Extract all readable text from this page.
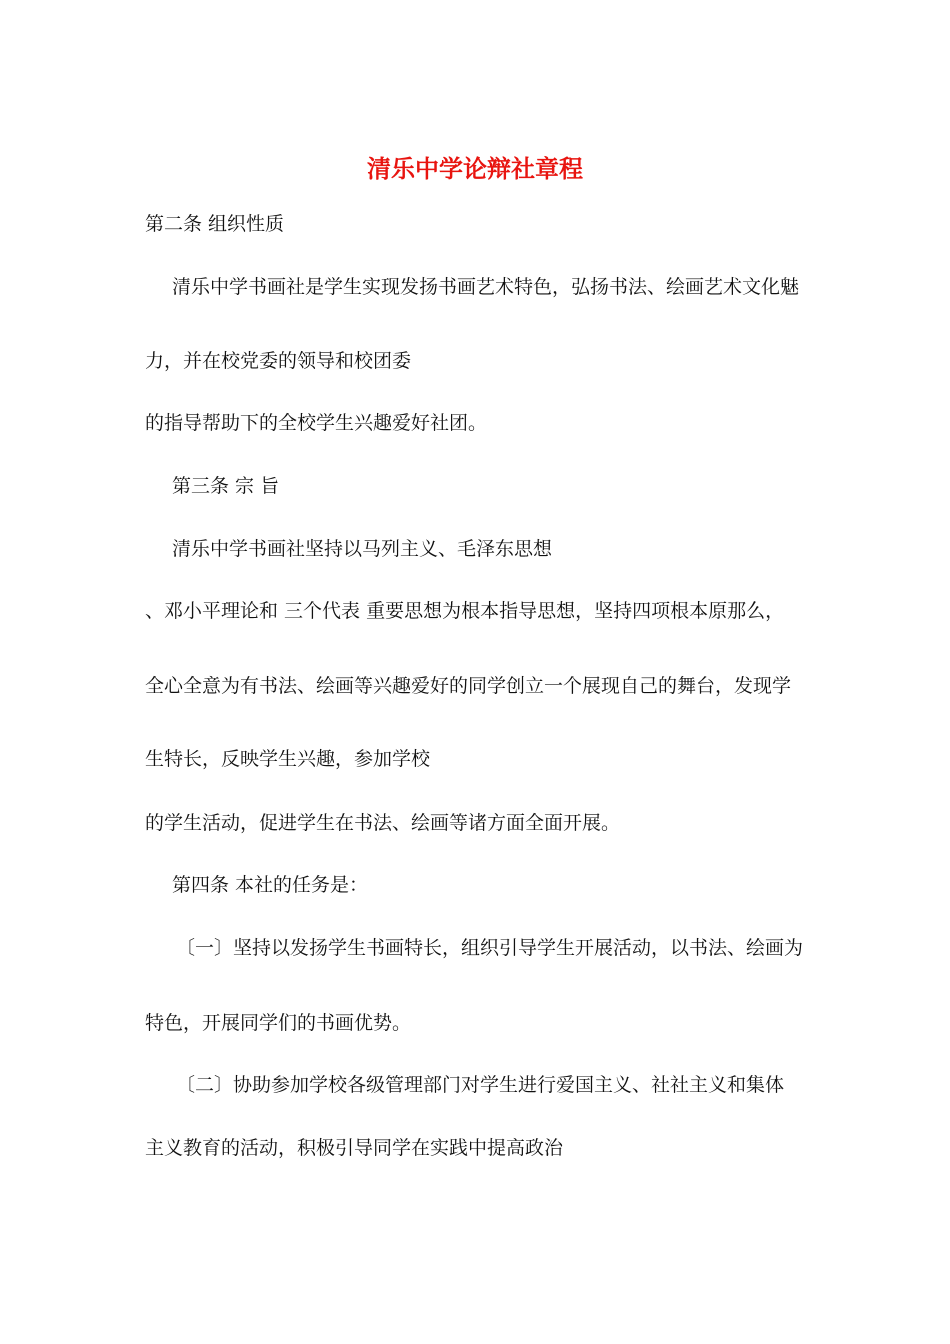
清乐中学论辩社章程

第二条 组织性质

清乐中学书画社是学生实现发扬书画艺术特色，弘扬书法、绘画艺术文化魅

力，并在校党委的领导和校团委

的指导帮助下的全校学生兴趣爱好社团。

第三条 宗 旨

清乐中学书画社坚持以马列主义、毛泽东思想

、邓小平理论和 三个代表 重要思想为根本指导思想，坚持四项根本原那么，

全心全意为有书法、绘画等兴趣爱好的同学创立一个展现自己的舞台，发现学

生特长，反映学生兴趣，参加学校

的学生活动，促进学生在书法、绘画等诸方面全面开展。

第四条 本社的任务是：

〔一〕坚持以发扬学生书画特长，组织引导学生开展活动，以书法、绘画为

特色，开展同学们的书画优势。

〔二〕协助参加学校各级管理部门对学生进行爱国主义、社社主义和集体

主义教育的活动，积极引导同学在实践中提高政治
